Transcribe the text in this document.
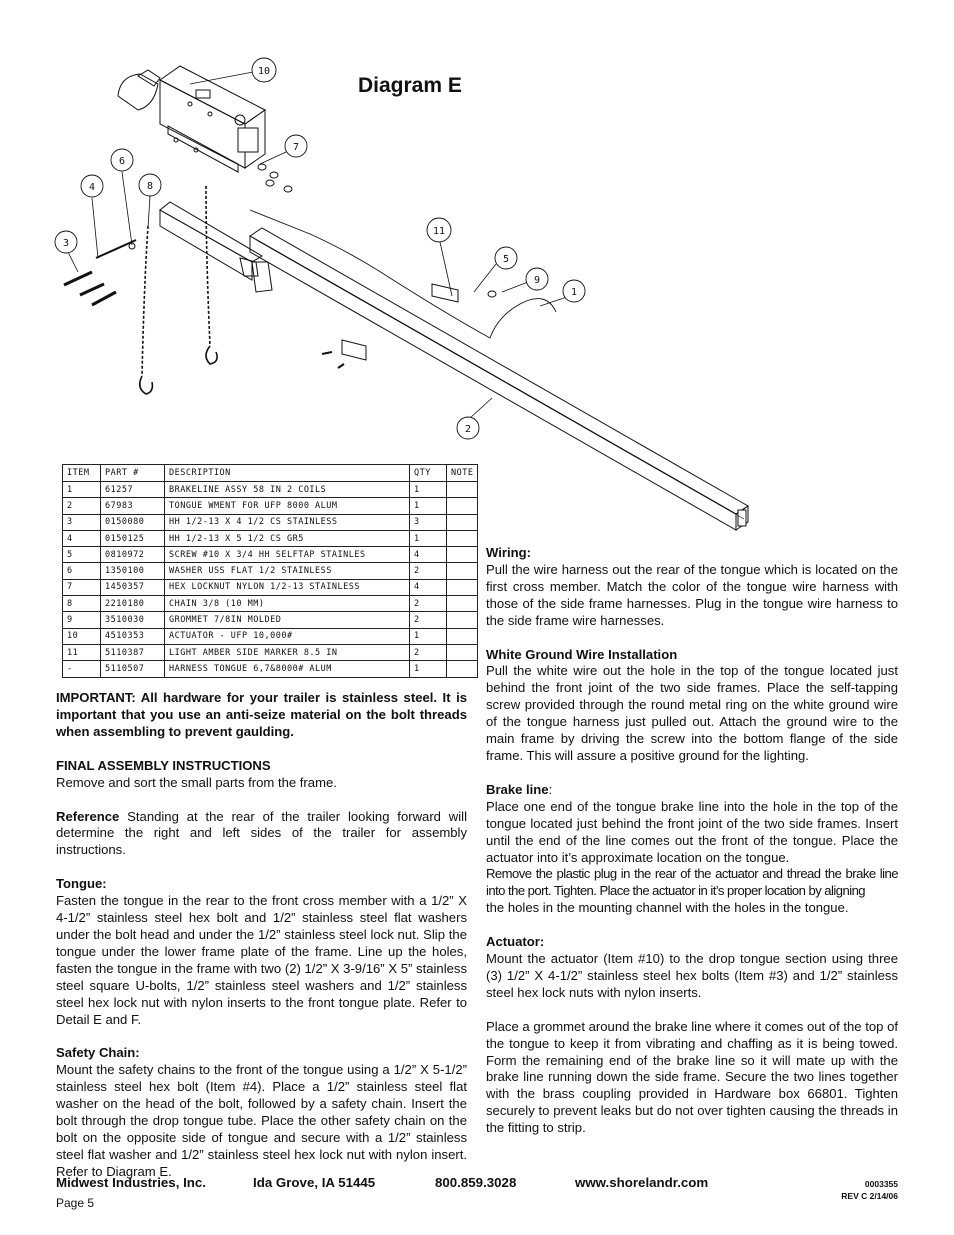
10
7
6
4	8
3
11
5
9
1
2
Diagram E
ITEM	PART #	DESCRIPTION	QTY	NOTE
1	61257	BRAKELINE ASSY 58 IN 2 COILS	1	
2	67983	TONGUE WMENT FOR UFP 8000 ALUM	1	
3	0150080	HH 1/2-13 X 4 1/2 CS STAINLESS	3	
4	0150125	HH 1/2-13 X 5 1/2 CS GR5	1	
5	0810972	SCREW #10 X 3/4 HH SELFTAP STAINLES	4	
6	1350100	WASHER USS FLAT 1/2 STAINLESS	2	
7	1450357	HEX LOCKNUT NYLON 1/2-13 STAINLESS	4	
8	2210180	CHAIN 3/8 (10 MM)	2	
9	3510030	GROMMET 7/8IN MOLDED	2	
10	4510353	ACTUATOR - UFP 10,000#	1	
11	5110387	LIGHT AMBER SIDE MARKER 8.5 IN	2	
-	5110507	HARNESS TONGUE 6,7&8000# ALUM	1	

IMPORTANT: All hardware for your trailer is stainless steel. It is important that you use an anti-seize material on the bolt threads when assembling to prevent gaulding.

FINAL ASSEMBLY INSTRUCTIONS

Remove and sort the small parts from the frame.

Reference Standing at the rear of the trailer looking forward will determine the right and left sides of the trailer for assembly instructions.

Tongue:

Fasten the tongue in the rear to the front cross member with a 1/2” X 4-1/2” stainless steel hex bolt and 1/2” stainless steel flat washers under the bolt head and under the 1/2” stainless steel lock nut. Slip the tongue under the lower frame plate of the frame. Line up the holes, fasten the tongue in the frame with two (2) 1/2” X 3-9/16” X 5” stainless steel square U-bolts, 1/2” stainless steel washers and 1/2” stainless steel hex lock nut with nylon inserts to the front tongue plate. Refer to Detail E and F.

Safety Chain:

Mount the safety chains to the front of the tongue using a 1/2” X 5-1/2” stainless steel hex bolt (Item #4). Place a 1/2” stainless steel flat washer on the head of the bolt, followed by a safety chain. Insert the bolt through the drop tongue tube. Place the other safety chain on the bolt on the opposite side of tongue and secure with a 1/2” stainless steel flat washer and 1/2” stainless steel hex lock nut with nylon insert. Refer to Diagram E.

Wiring:

Pull the wire harness out the rear of the tongue which is located on the first cross member. Match the color of the tongue wire harness with those of the side frame harnesses. Plug in the tongue wire harness to the side frame wire harnesses.

White Ground Wire Installation

Pull the white wire out the hole in the top of the tongue located just behind the front joint of the two side frames. Place the self-tapping screw provided through the round metal ring on the white ground wire of the tongue harness just pulled out. Attach the ground wire to the main frame by driving the screw into the bottom flange of the side frame. This will assure a positive ground for the lighting.

Brake line:

Place one end of the tongue brake line into the hole in the top of the tongue located just behind the front joint of the two side frames. Insert until the end of the line comes out the front of the tongue. Place the actuator into it’s approximate location on the tongue.

Remove the plastic plug in the rear of the actuator and thread the brake line into the port. Tighten. Place the actuator in it’s proper location by aligning

the holes in the mounting channel with the holes in the tongue.

Actuator:

Mount the actuator (Item #10) to the drop tongue section using three (3) 1/2” X 4-1/2” stainless steel hex bolts (Item #3) and 1/2” stainless steel hex lock nuts with nylon inserts.

Place a grommet around the brake line where it comes out of the top of the tongue to keep it from vibrating and chaffing as it is being towed. Form the remaining end of the brake line so it will mate up with the brake line running down the side frame. Secure the two lines together with the brass coupling provided in Hardware box 66801. Tighten securely to prevent leaks but do not over tighten causing the threads in the fitting to strip.

Midwest Industries, Inc.	Ida Grove, IA 51445	800.859.3028	www.shorelandr.com
Page 5
0003355
REV C 2/14/06
